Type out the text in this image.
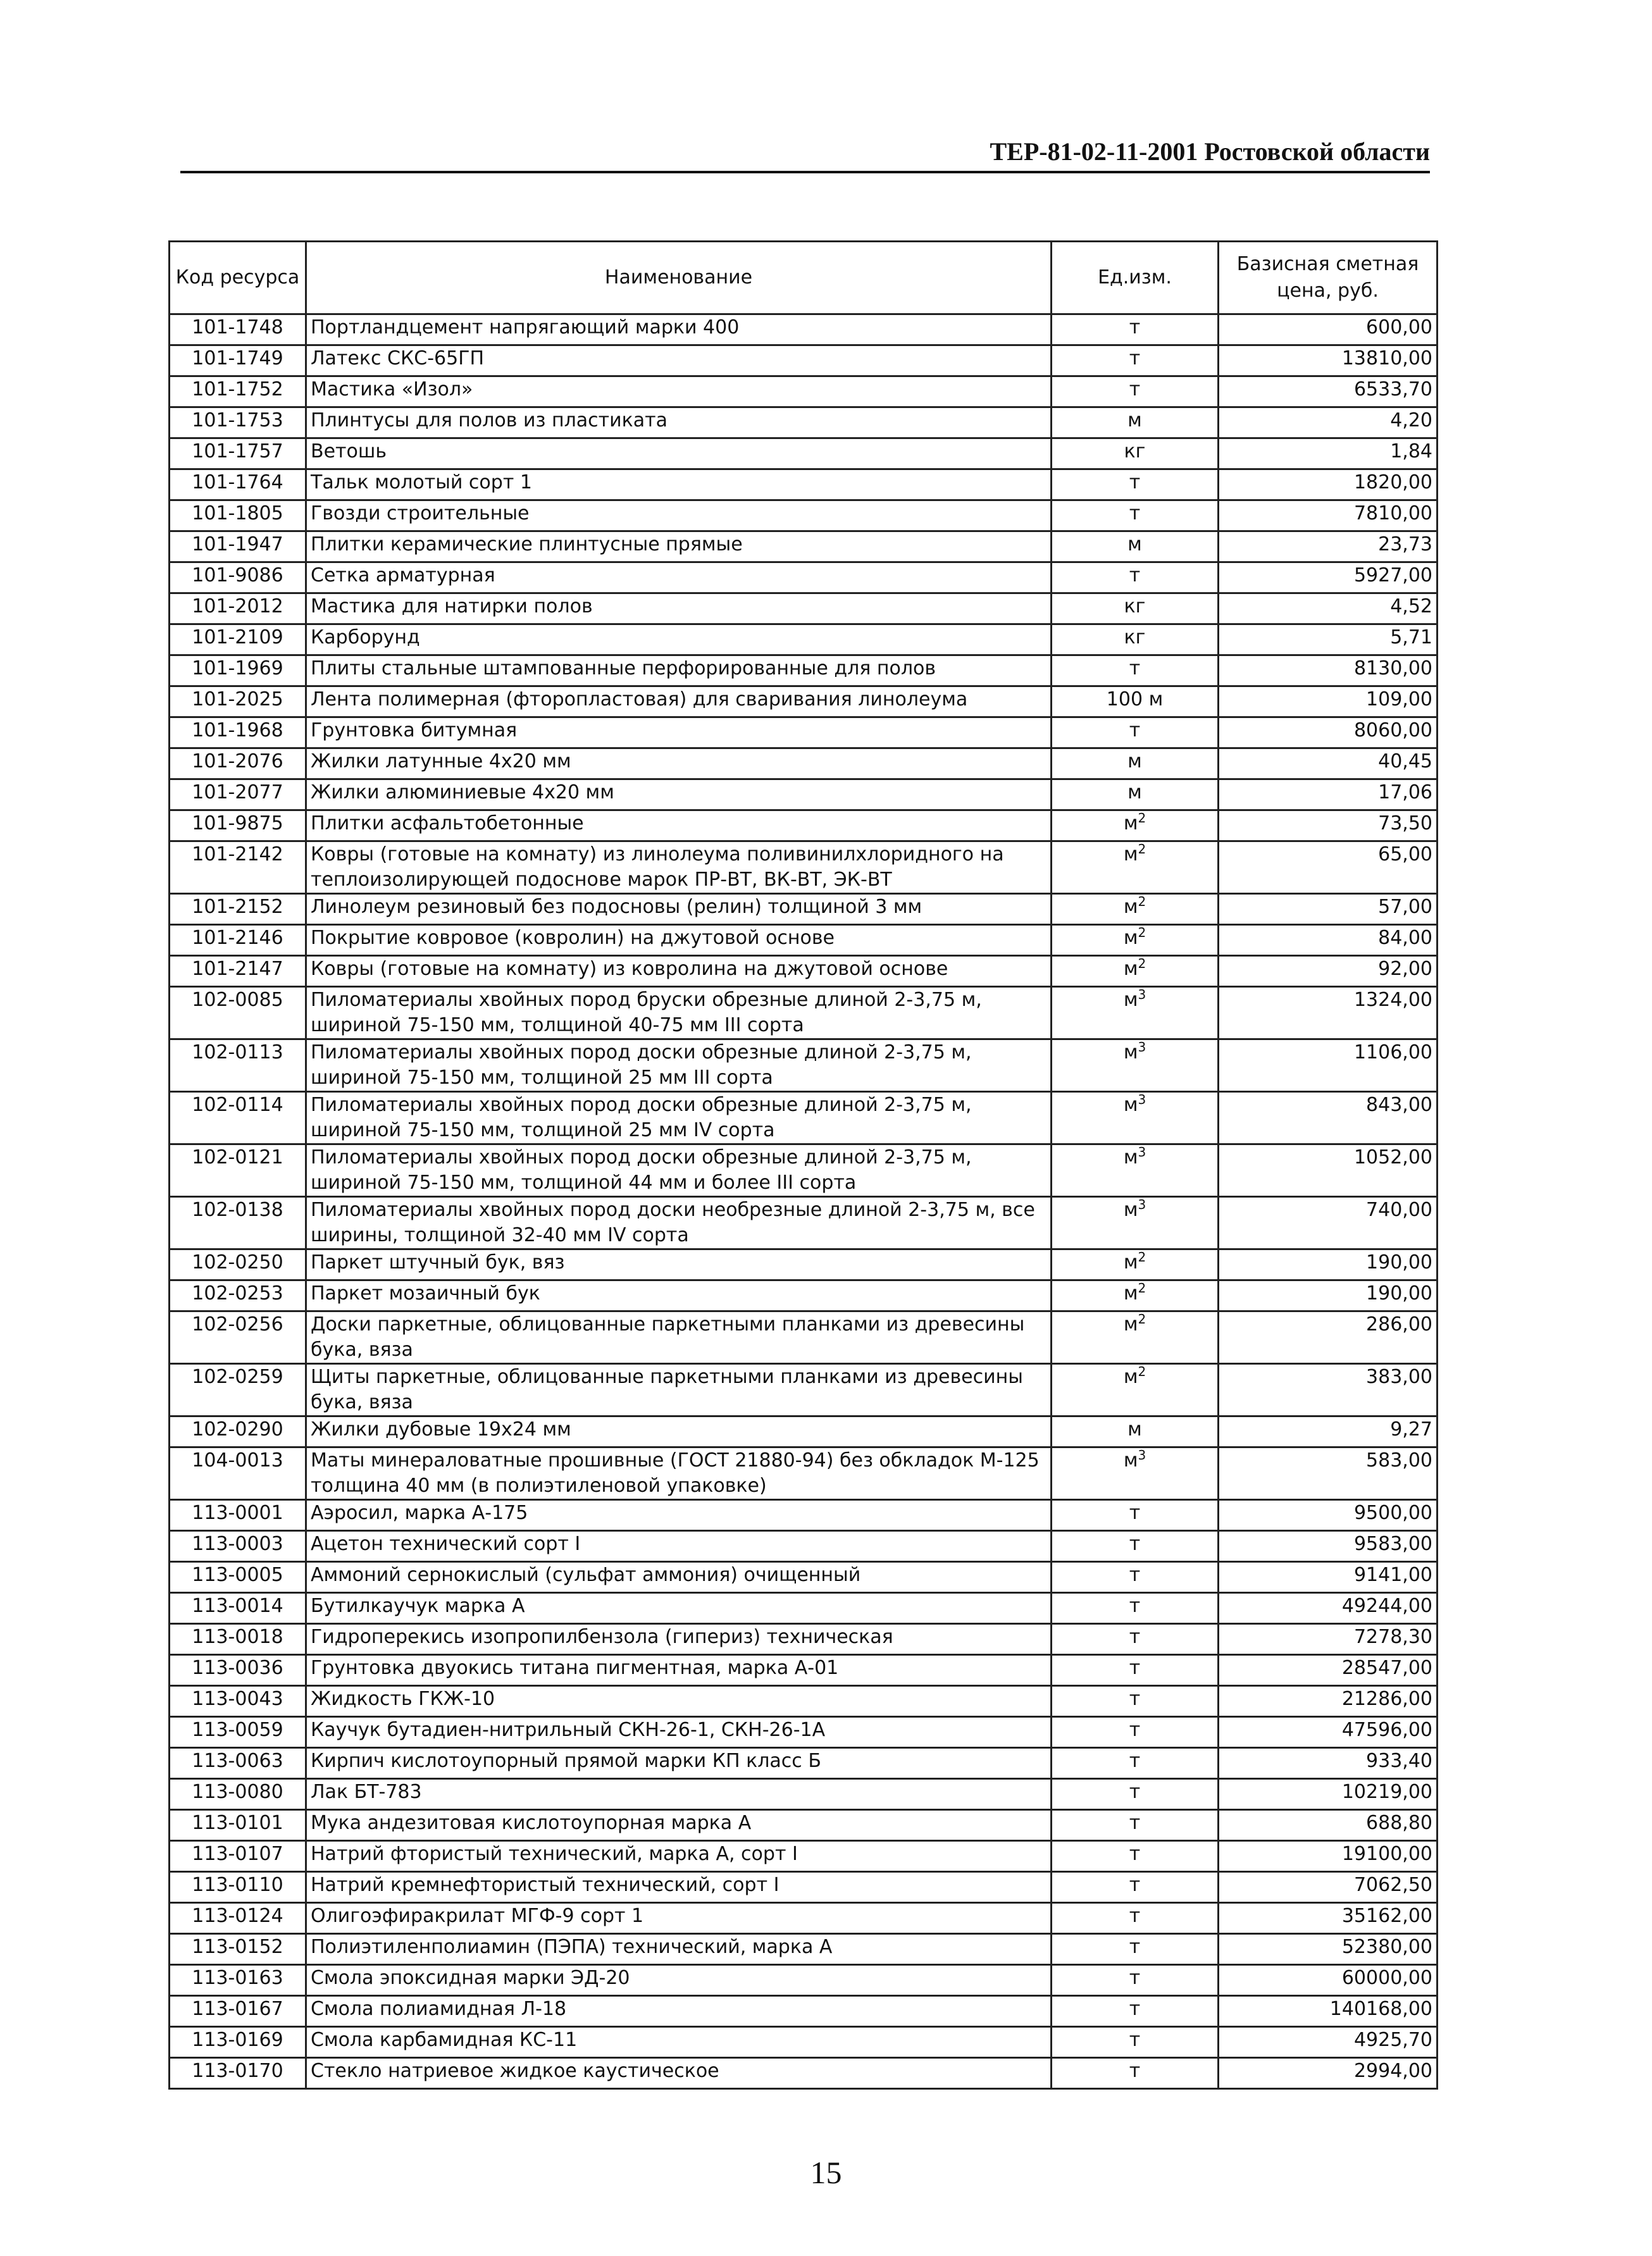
ТЕР-81-02-11-2001 Ростовской области
Код ресурса	Наименование	Ед.изм.	Базисная сметная цена, руб.
101-1748	Портландцемент напрягающий марки 400	т	600,00
101-1749	Латекс СКС-65ГП	т	13810,00
101-1752	Мастика «Изол»	т	6533,70
101-1753	Плинтусы для полов из пластиката	м	4,20
101-1757	Ветошь	кг	1,84
101-1764	Тальк молотый сорт 1	т	1820,00
101-1805	Гвозди строительные	т	7810,00
101-1947	Плитки керамические плинтусные прямые	м	23,73
101-9086	Сетка арматурная	т	5927,00
101-2012	Мастика для натирки полов	кг	4,52
101-2109	Карборунд	кг	5,71
101-1969	Плиты стальные штампованные перфорированные для полов	т	8130,00
101-2025	Лента полимерная (фторопластовая) для сваривания линолеума	100 м	109,00
101-1968	Грунтовка битумная	т	8060,00
101-2076	Жилки латунные 4х20 мм	м	40,45
101-2077	Жилки алюминиевые 4х20 мм	м	17,06
101-9875	Плитки асфальтобетонные	$м^2$	73,50
101-2142	Ковры (готовые на комнату) из линолеума поливинилхлоридного на теплоизолирующей подоснове марок ПР-ВТ, ВК-ВТ, ЭК-ВТ	$м^2$	65,00
101-2152	Линолеум резиновый без подосновы (релин) толщиной 3 мм	$м^2$	57,00
101-2146	Покрытие ковровое (ковролин) на джутовой основе	$м^2$	84,00
101-2147	Ковры (готовые на комнату) из ковролина на джутовой основе	$м^2$	92,00
102-0085	Пиломатериалы хвойных пород бруски обрезные длиной 2-3,75 м, шириной 75-150 мм, толщиной 40-75 мм III сорта	$м^3$	1324,00
102-0113	Пиломатериалы хвойных пород доски обрезные длиной 2-3,75 м, шириной 75-150 мм, толщиной 25 мм III сорта	$м^3$	1106,00
102-0114	Пиломатериалы хвойных пород доски обрезные длиной 2-3,75 м, шириной 75-150 мм, толщиной 25 мм IV сорта	$м^3$	843,00
102-0121	Пиломатериалы хвойных пород доски обрезные длиной 2-3,75 м, шириной 75-150 мм, толщиной 44 мм и более III сорта	$м^3$	1052,00
102-0138	Пиломатериалы хвойных пород доски необрезные длиной 2-3,75 м, все ширины, толщиной 32-40 мм IV сорта	$м^3$	740,00
102-0250	Паркет штучный бук, вяз	$м^2$	190,00
102-0253	Паркет мозаичный бук	$м^2$	190,00
102-0256	Доски паркетные, облицованные паркетными планками из древесины бука, вяза	$м^2$	286,00
102-0259	Щиты паркетные, облицованные паркетными планками из древесины бука, вяза	$м^2$	383,00
102-0290	Жилки дубовые 19х24 мм	м	9,27
104-0013	Маты минераловатные прошивные (ГОСТ 21880-94) без обкладок М-125 толщина 40 мм (в полиэтиленовой упаковке)	$м^3$	583,00
113-0001	Аэросил, марка А-175	т	9500,00
113-0003	Ацетон технический сорт I	т	9583,00
113-0005	Аммоний сернокислый (сульфат аммония) очищенный	т	9141,00
113-0014	Бутилкаучук марка А	т	49244,00
113-0018	Гидроперекись изопропилбензола (гипериз) техническая	т	7278,30
113-0036	Грунтовка двуокись титана пигментная, марка А-01	т	28547,00
113-0043	Жидкость ГКЖ-10	т	21286,00
113-0059	Каучук бутадиен-нитрильный СКН-26-1, СКН-26-1А	т	47596,00
113-0063	Кирпич кислотоупорный прямой марки КП класс Б	т	933,40
113-0080	Лак БТ-783	т	10219,00
113-0101	Мука андезитовая кислотоупорная марка А	т	688,80
113-0107	Натрий фтористый технический, марка А, сорт I	т	19100,00
113-0110	Натрий кремнефтористый технический, сорт I	т	7062,50
113-0124	Олигоэфиракрилат МГФ-9 сорт 1	т	35162,00
113-0152	Полиэтиленполиамин (ПЭПА) технический, марка А	т	52380,00
113-0163	Смола эпоксидная марки ЭД-20	т	60000,00
113-0167	Смола полиамидная Л-18	т	140168,00
113-0169	Смола карбамидная КС-11	т	4925,70
113-0170	Стекло натриевое жидкое каустическое	т	2994,00
15
